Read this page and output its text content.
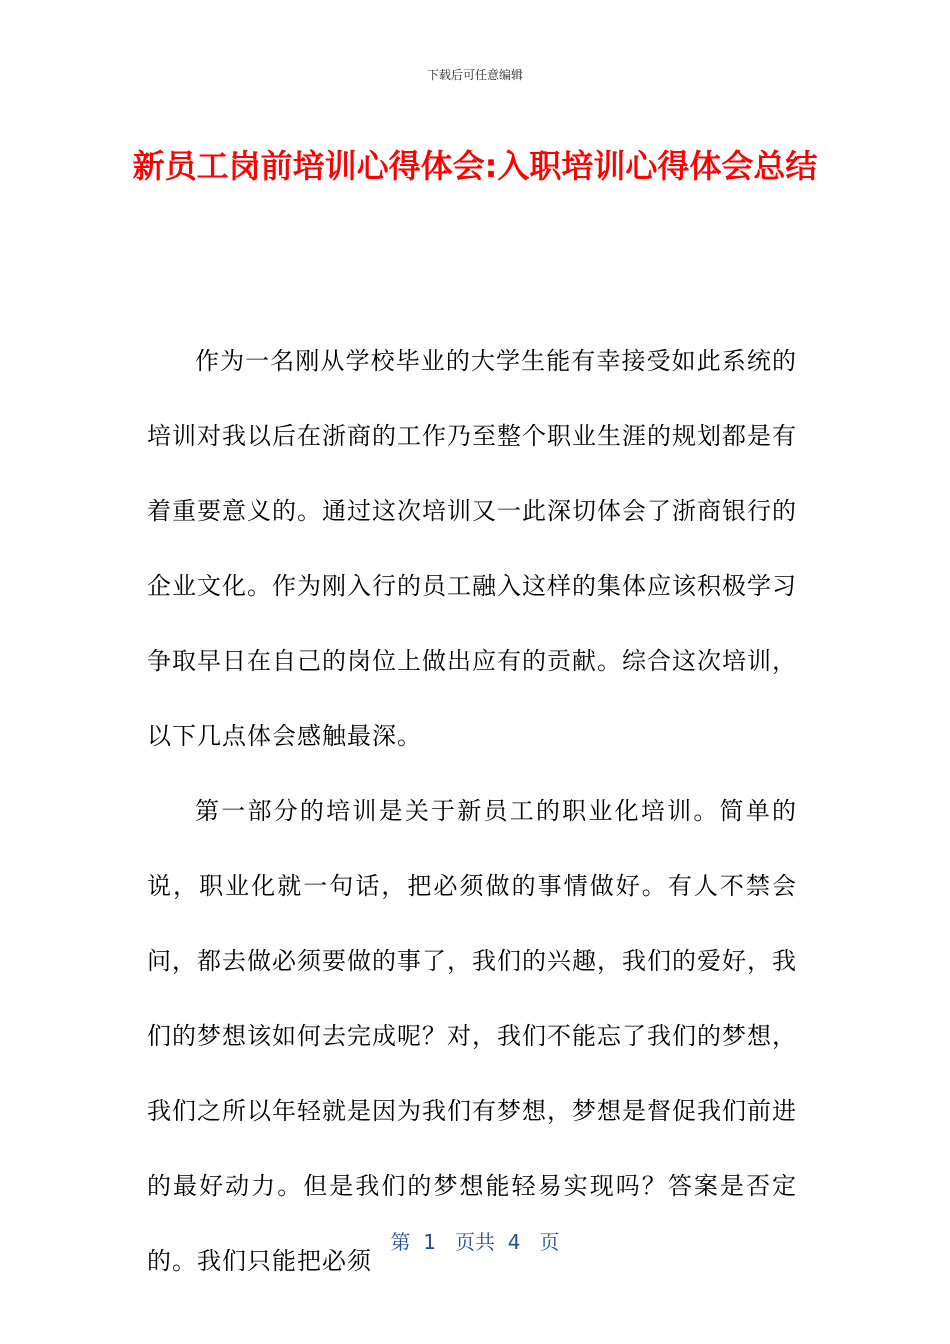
下载后可任意编辑
新员工岗前培训心得体会:入职培训心得体会总结

作为一名刚从学校毕业的大学生能有幸接受如此系统的培训对我以后在浙商的工作乃至整个职业生涯的规划都是有着重要意义的。通过这次培训又一此深切体会了浙商银行的企业文化。作为刚入行的员工融入这样的集体应该积极学习争取早日在自己的岗位上做出应有的贡献。综合这次培训，以下几点体会感触最深。

第一部分的培训是关于新员工的职业化培训。简单的说，职业化就一句话，把必须做的事情做好。有人不禁会问，都去做必须要做的事了，我们的兴趣，我们的爱好，我们的梦想该如何去完成呢？对，我们不能忘了我们的梦想，我们之所以年轻就是因为我们有梦想，梦想是督促我们前进的最好动力。但是我们的梦想能轻易实现吗？答案是否定的。我们只能把必须

第  1   页共  4   页
